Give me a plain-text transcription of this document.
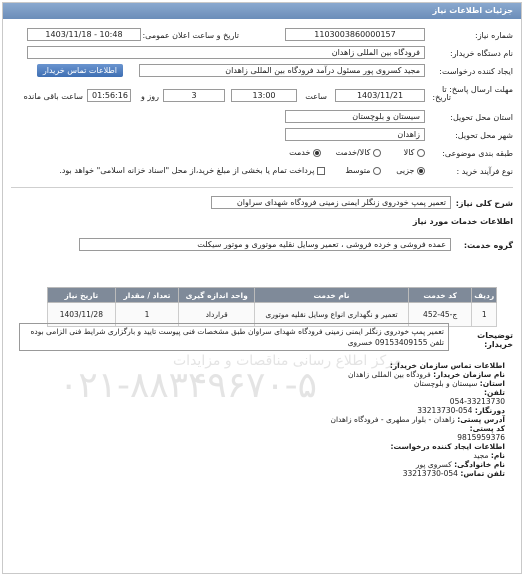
جزئیات اطلاعات نیاز
مرکز اطلاع رسانی مناقصات و مزایدات
۰۲۱-۸۸۳۴۹۶۷۰-۵
شماره نیاز:
1103003860000157
تاریخ و ساعت اعلان عمومی:
1403/11/18 - 10:48
نام دستگاه خریدار:
فرودگاه بین المللی زاهدان
ایجاد کننده درخواست:
مجید کسروی پور مسئول درآمد فرودگاه بین المللی زاهدان
اطلاعات تماس خریدار
مهلت ارسال پاسخ: تا
تاریخ:
1403/11/21
ساعت
13:00
3
روز و
01:56:16
ساعت باقی مانده
استان محل تحویل:
سیستان و بلوچستان
شهر محل تحویل:
زاهدان
طبقه بندی موضوعی:
کالا
کالا/خدمت
خدمت
نوع فرآیند خرید :
جزیی
متوسط
پرداخت تمام یا بخشی از مبلغ خرید،از محل "اسناد خزانه اسلامی" خواهد بود.
شرح کلی نیاز:
تعمیر پمپ خودروی زنگلر ایمنی زمینی فرودگاه شهدای سراوان
اطلاعات خدمات مورد نیاز
گروه خدمت:
عمده فروشی و خرده فروشی ، تعمیر وسایل نقلیه موتوری و موتور سیکلت
ردیف	کد خدمت	نام خدمت	واحد اندازه گیری	تعداد / مقدار	تاریخ نیاز
1	ج-45-452	تعمیر و نگهداری انواع وسایل نقلیه موتوری	قرارداد	1	1403/11/28
توضیحات خریدار:
تعمیر پمپ خودروی زنگلر ایمنی زمینی فرودگاه شهدای سراوان طبق مشخصات فنی پیوست تایید و بارگزاری شرایط فنی الزامی بوده تلفن 09153409155 خسروی
اطلاعات تماس سازمان خریدار:
نام سازمان خریدار: فرودگاه بین المللی زاهدان
استان: سیستان و بلوچستان
تلفن:
054-33213730
دورنگار: 054-33213730
آدرس پستی: زاهدان - بلوار مطهری - فرودگاه زاهدان
کد پستی:
9815959376
اطلاعات ایجاد کننده درخواست:
نام: مجید
نام خانوادگی: کسروی پور
تلفن تماس: 054-33213730
